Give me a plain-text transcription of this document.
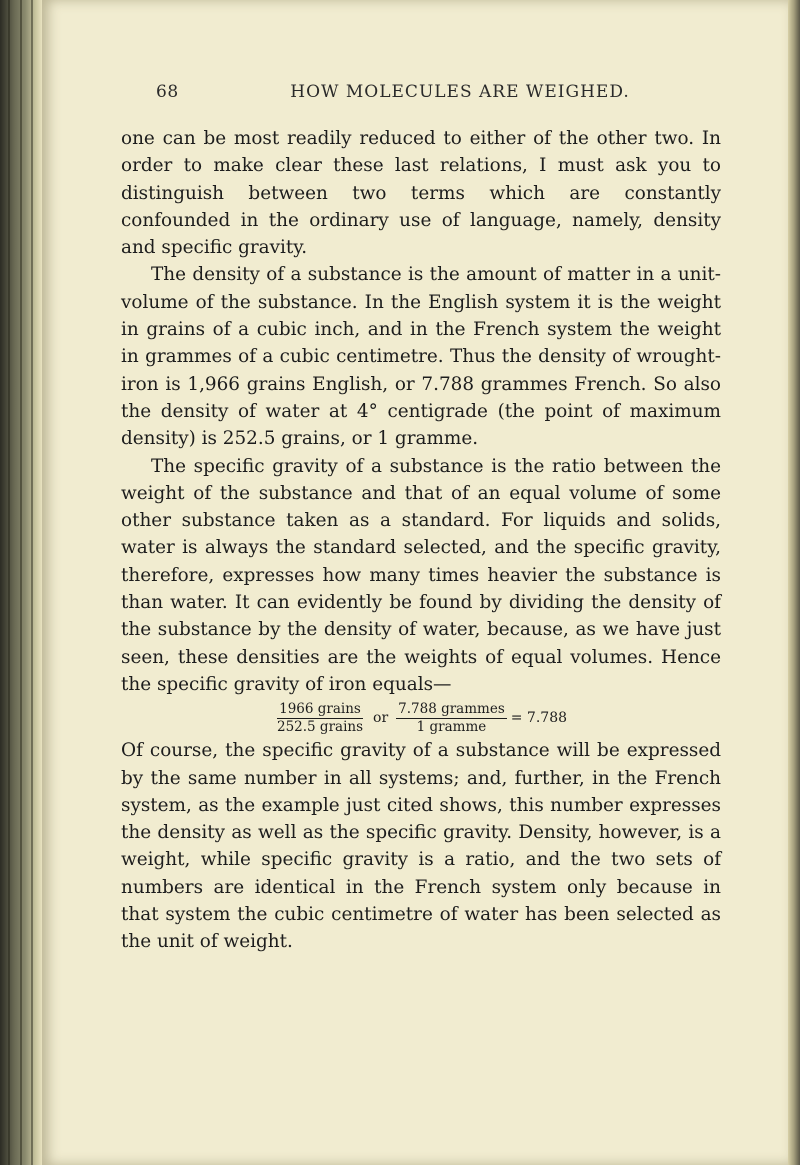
68	HOW MOLECULES ARE WEIGHED.

one can be most readily reduced to either of the other two. In order to make clear these last relations, I must ask you to distinguish between two terms which are constantly confounded in the ordinary use of language, namely, density and specific gravity.

The density of a substance is the amount of matter in a unit-volume of the substance. In the English system it is the weight in grains of a cubic inch, and in the French system the weight in grammes of a cubic centimetre. Thus the density of wrought-iron is 1,966 grains English, or 7.788 grammes French. So also the density of water at 4° centigrade (the point of maximum density) is 252.5 grains, or 1 gramme.

The specific gravity of a substance is the ratio between the weight of the substance and that of an equal volume of some other substance taken as a standard. For liquids and solids, water is always the standard selected, and the specific gravity, therefore, expresses how many times heavier the substance is than water. It can evidently be found by dividing the density of the substance by the density of water, because, as we have just seen, these densities are the weights of equal volumes. Hence the specific gravity of iron equals—

$\frac{\text{1966 grains}}{\text{252.5 grains}}$ or $\frac{\text{7.788 grammes}}{\text{1 gramme}} = 7.788$

Of course, the specific gravity of a substance will be expressed by the same number in all systems; and, further, in the French system, as the example just cited shows, this number expresses the density as well as the specific gravity. Density, however, is a weight, while specific gravity is a ratio, and the two sets of numbers are identical in the French system only because in that system the cubic centimetre of water has been selected as the unit of weight.
